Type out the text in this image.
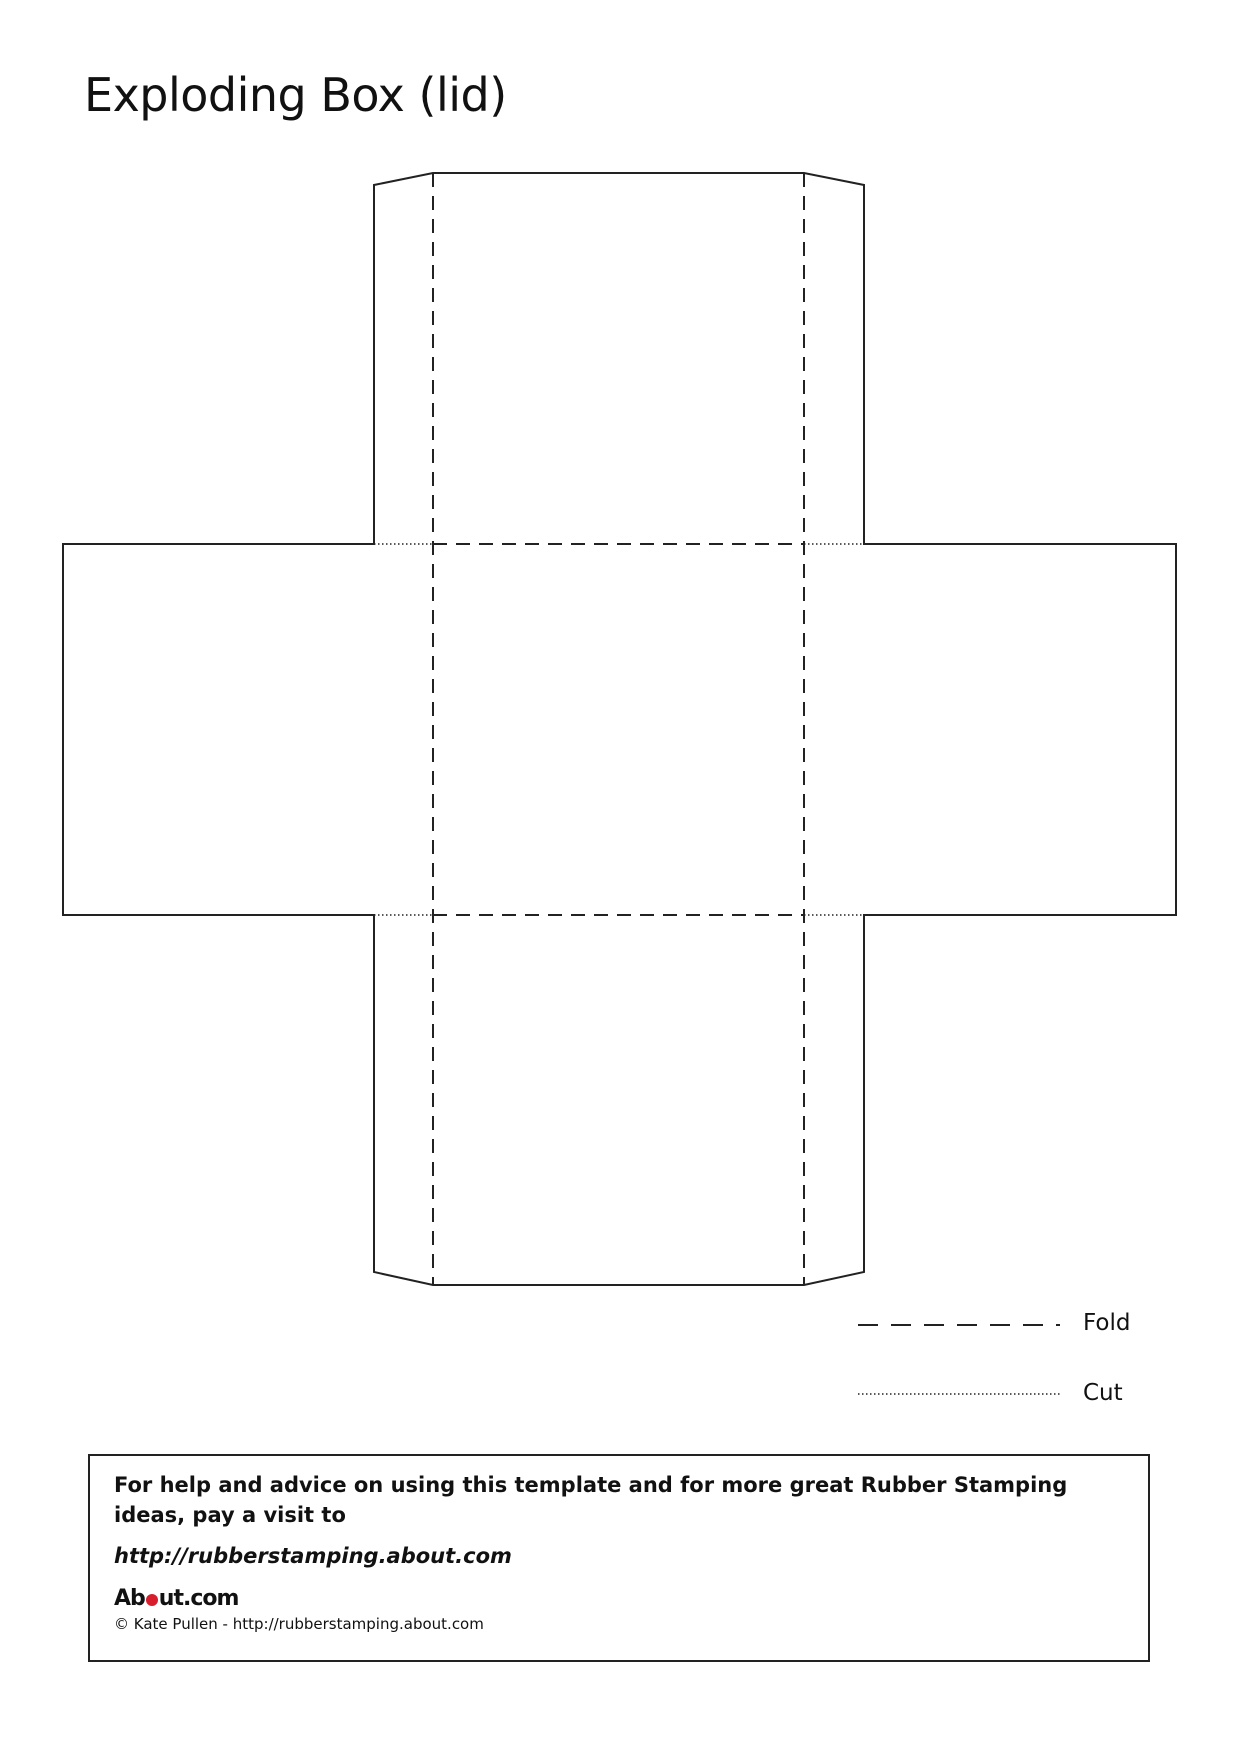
Exploding Box (lid)
Fold
Cut

For help and advice on using this template and for more great Rubber Stamping ideas, pay a visit to

http://rubberstamping.about.com

Ab ut.com
© Kate Pullen - http://rubberstamping.about.com
